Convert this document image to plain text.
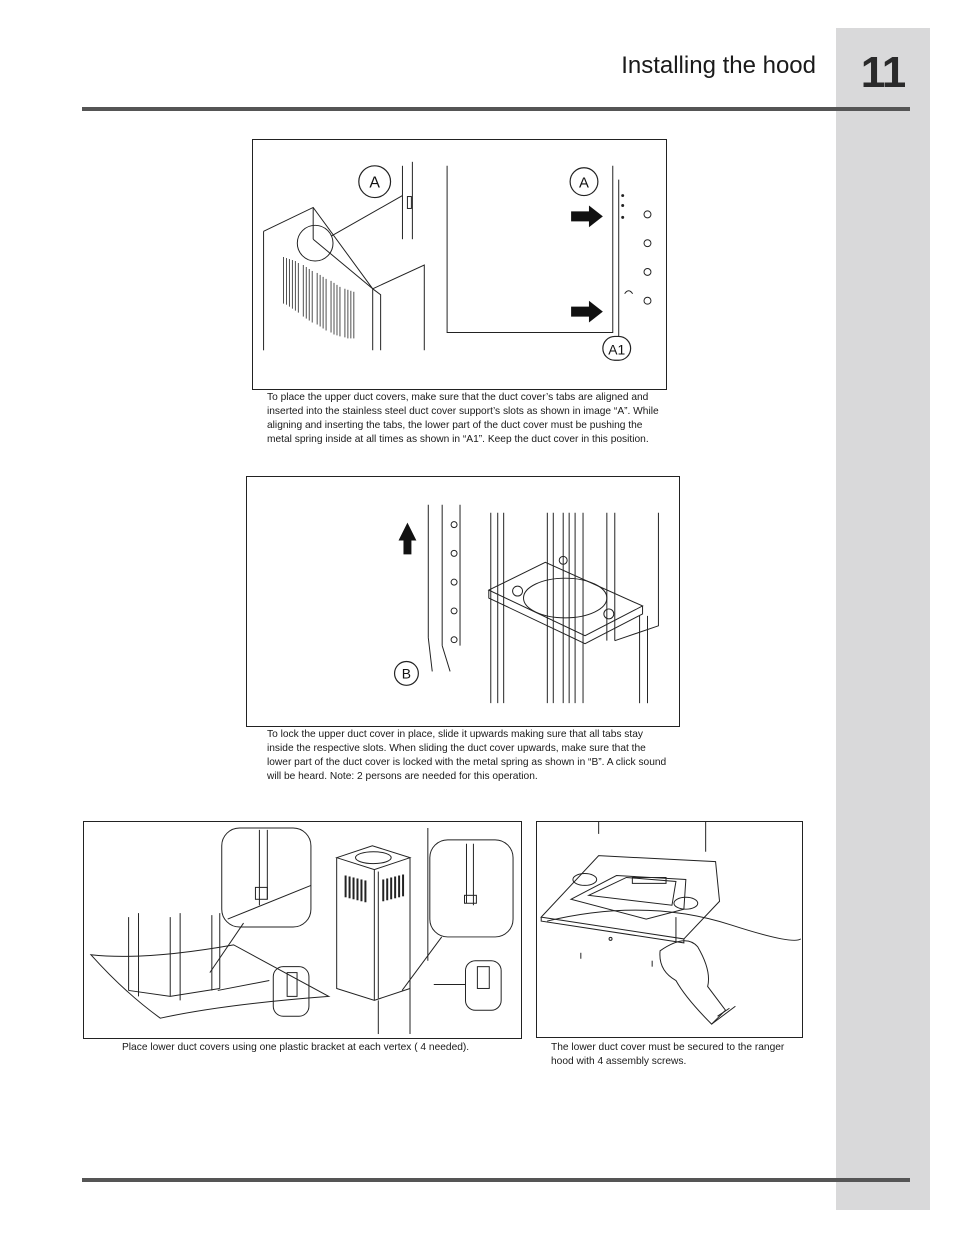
11
Installing the hood
A	A
A1

To place the upper duct covers, make sure that the duct cover’s tabs are aligned and inserted into the stainless steel duct cover support’s slots as shown in image “A”. While aligning and inserting the tabs, the lower part of the duct cover must be pushing the metal spring inside at all times as shown in “A1”. Keep the duct cover in this position.

B

To lock the upper duct cover in place, slide it upwards making sure that all tabs stay inside the respective slots. When sliding the duct cover upwards, make sure that the lower part of the duct cover is locked with the metal spring as shown in “B”. A click sound will be heard. Note: 2 persons are needed for this operation.

Place lower duct covers using one plastic bracket at each vertex ( 4 needed).	The lower duct cover must be secured to the ranger hood with 4 assembly screws.
